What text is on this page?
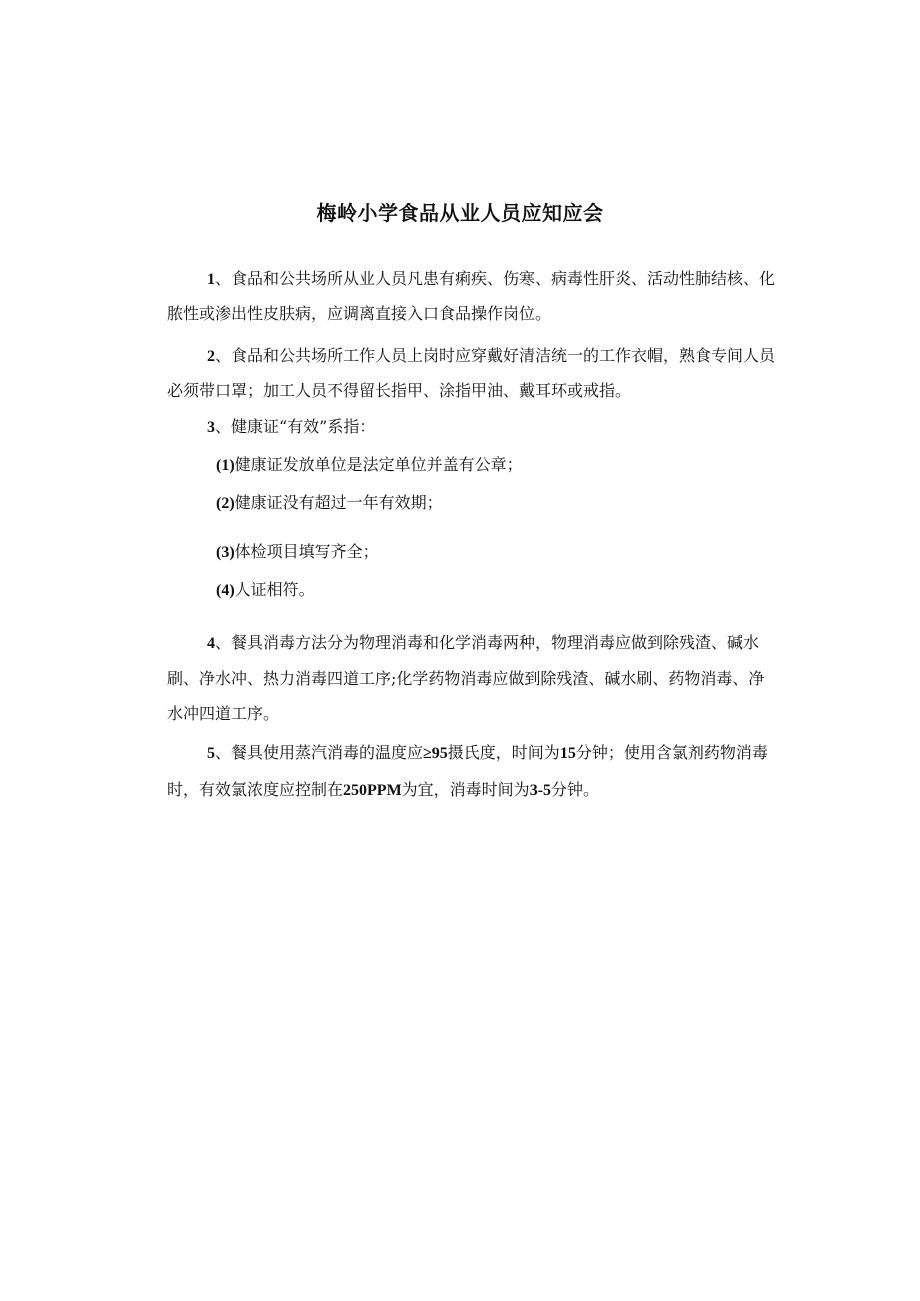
梅岭小学食品从业人员应知应会

1、食品和公共场所从业人员凡患有痢疾、伤寒、病毒性肝炎、活动性肺结核、化脓性或渗出性皮肤病，应调离直接入口食品操作岗位。

2、食品和公共场所工作人员上岗时应穿戴好清洁统一的工作衣帽，熟食专间人员必须带口罩；加工人员不得留长指甲、涂指甲油、戴耳环或戒指。

3、健康证“有效”系指：

(1)健康证发放单位是法定单位并盖有公章；

(2)健康证没有超过一年有效期；

(3)体检项目填写齐全；

(4)人证相符。

4、餐具消毒方法分为物理消毒和化学消毒两种，物理消毒应做到除残渣、碱水刷、净水冲、热力消毒四道工序;化学药物消毒应做到除残渣、碱水刷、药物消毒、净水冲四道工序。

5、餐具使用蒸汽消毒的温度应≥95摄氏度，时间为15分钟；使用含氯剂药物消毒时，有效氯浓度应控制在250PPM为宜，消毒时间为3-5分钟。
